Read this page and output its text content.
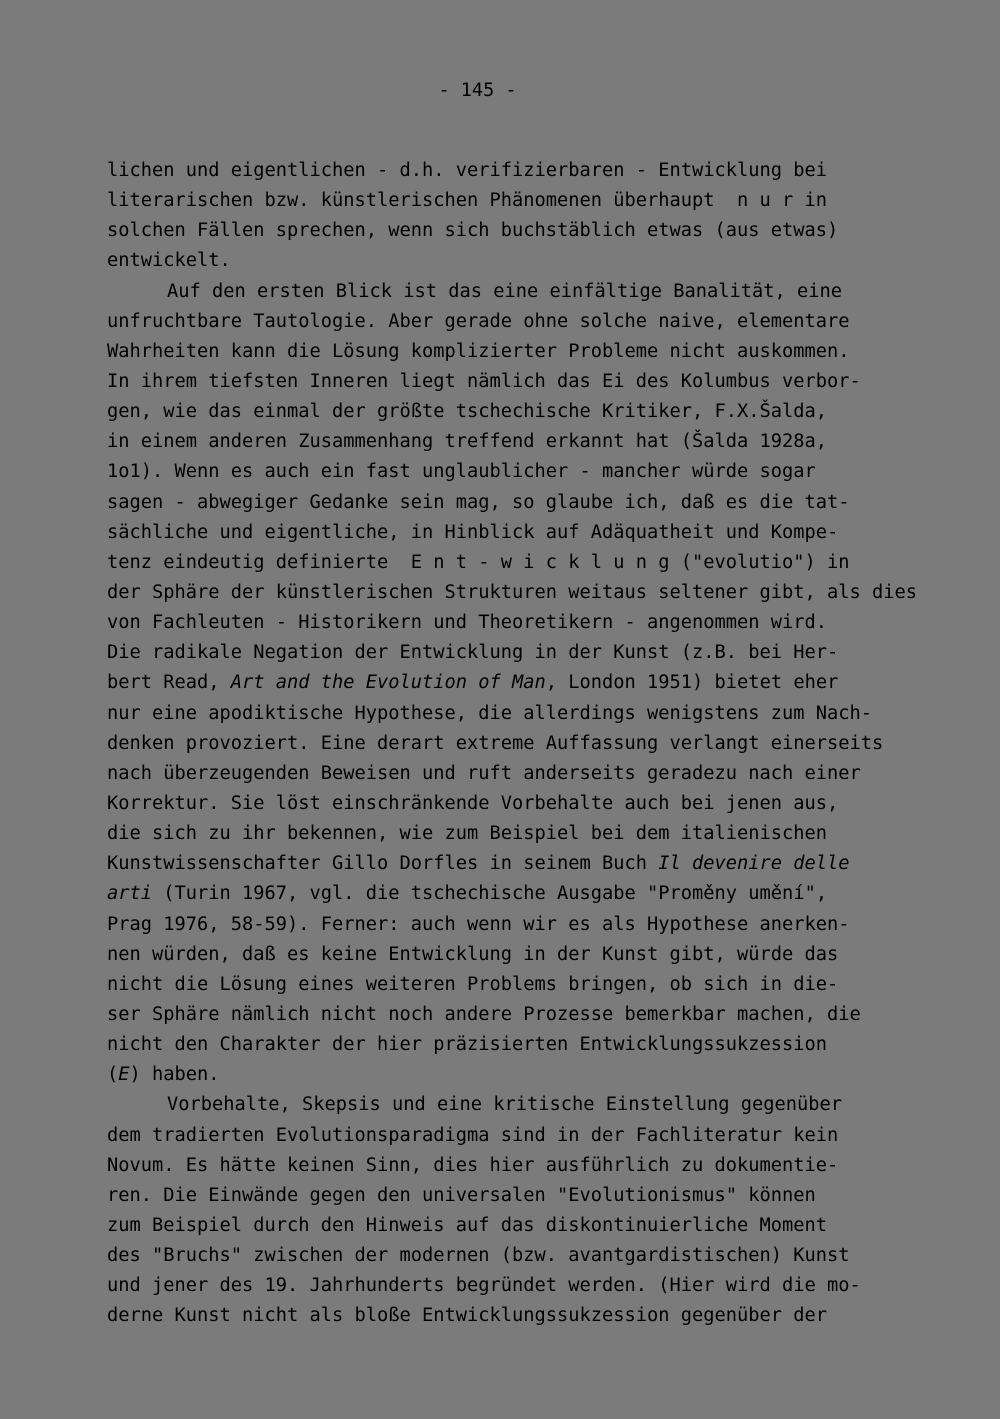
- 145 -
lichen und eigentlichen - d.h. verifizierbaren - Entwicklung bei
literarischen bzw. künstlerischen Phänomenen überhaupt  n u r in
solchen Fällen sprechen, wenn sich buchstäblich etwas (aus etwas)
entwickelt.
Auf den ersten Blick ist das eine einfältige Banalität, eine
unfruchtbare Tautologie. Aber gerade ohne solche naive, elementare
Wahrheiten kann die Lösung komplizierter Probleme nicht auskommen.
In ihrem tiefsten Inneren liegt nämlich das Ei des Kolumbus verbor-
gen, wie das einmal der größte tschechische Kritiker, F.X.Šalda,
in einem anderen Zusammenhang treffend erkannt hat (Šalda 1928a,
1o1). Wenn es auch ein fast unglaublicher - mancher würde sogar
sagen - abwegiger Gedanke sein mag, so glaube ich, daß es die tat-
sächliche und eigentliche, in Hinblick auf Adäquatheit und Kompe-
tenz eindeutig definierte  E n t - w i c k l u n g ("evolutio") in
der Sphäre der künstlerischen Strukturen weitaus seltener gibt, als dies
von Fachleuten - Historikern und Theoretikern - angenommen wird.
Die radikale Negation der Entwicklung in der Kunst (z.B. bei Her-
bert Read, Art and the Evolution of Man, London 1951) bietet eher
nur eine apodiktische Hypothese, die allerdings wenigstens zum Nach-
denken provoziert. Eine derart extreme Auffassung verlangt einerseits
nach überzeugenden Beweisen und ruft anderseits geradezu nach einer
Korrektur. Sie löst einschränkende Vorbehalte auch bei jenen aus,
die sich zu ihr bekennen, wie zum Beispiel bei dem italienischen
Kunstwissenschafter Gillo Dorfles in seinem Buch Il devenire delle
arti (Turin 1967, vgl. die tschechische Ausgabe "Proměny umění",
Prag 1976, 58-59). Ferner: auch wenn wir es als Hypothese anerken-
nen würden, daß es keine Entwicklung in der Kunst gibt, würde das
nicht die Lösung eines weiteren Problems bringen, ob sich in die-
ser Sphäre nämlich nicht noch andere Prozesse bemerkbar machen, die
nicht den Charakter der hier präzisierten Entwicklungssukzession
(E) haben.
Vorbehalte, Skepsis und eine kritische Einstellung gegenüber
dem tradierten Evolutionsparadigma sind in der Fachliteratur kein
Novum. Es hätte keinen Sinn, dies hier ausführlich zu dokumentie-
ren. Die Einwände gegen den universalen "Evolutionismus" können
zum Beispiel durch den Hinweis auf das diskontinuierliche Moment
des "Bruchs" zwischen der modernen (bzw. avantgardistischen) Kunst
und jener des 19. Jahrhunderts begründet werden. (Hier wird die mo-
derne Kunst nicht als bloße Entwicklungssukzession gegenüber der
